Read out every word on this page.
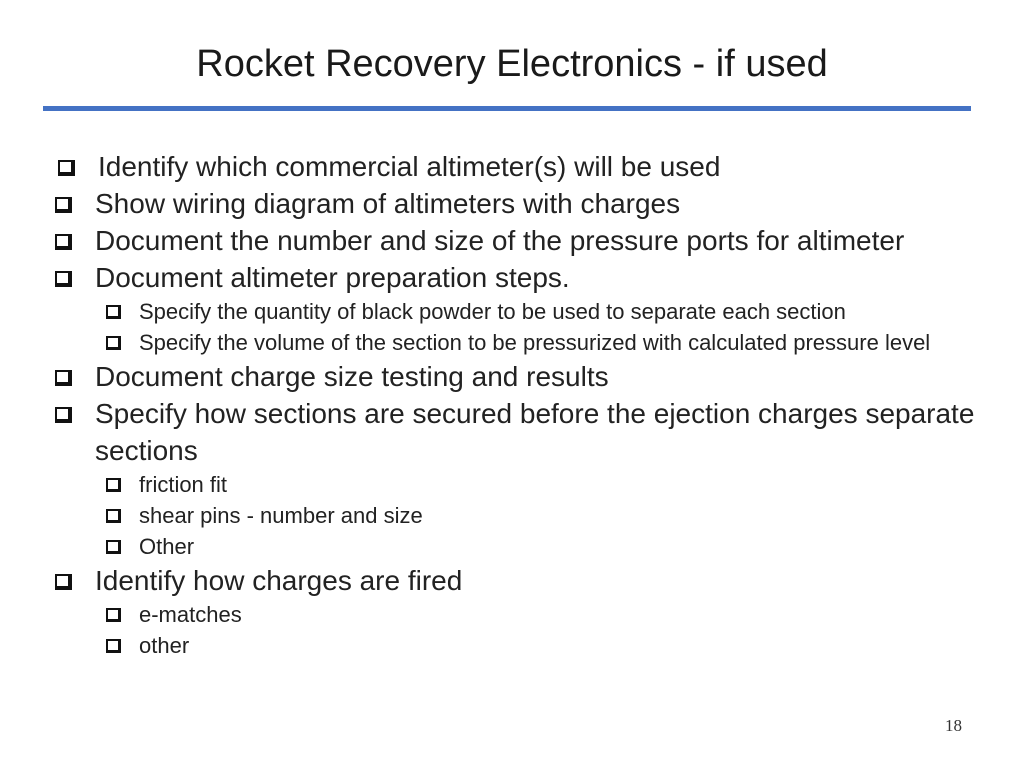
Rocket Recovery Electronics - if used
Identify which commercial altimeter(s) will be used
Show wiring diagram of altimeters with charges
Document the number and size of the pressure ports for altimeter
Document altimeter preparation steps.
Specify the quantity of black powder to be used to separate each section
Specify the volume of the section to be pressurized with calculated pressure level
Document charge size testing and results
Specify how sections are secured before the ejection charges separate sections
friction fit
shear pins - number and size
Other
Identify how charges are fired
e-matches
other
18
